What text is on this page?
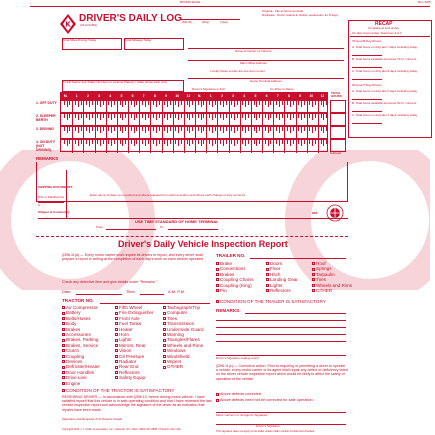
BOUND EDGE	Rev. 8/05
K
DRIVER'S DAILY LOG
(24 HOURS)
(Month)	(Day)	(Year)
Original - File at home terminal.
Duplicate - Driver retains in his/her possession for 8 days.
RECAP
Complete at end of day
On duty hours today. Total lines 3 & 4
70 Hour/8 Day Drivers
A. Total hours on duty last 7 days including today.
B. Total hours available tomorrow 70 hr. minus A.
C. Total hours on duty last 8 days including today.
60 Hour/7 Day Drivers
A. Total hours on duty last 6 days including today.
B. Total hours available tomorrow 60 hr. minus A.
C. Total hours on duty last 7 days including today.
Total Miles Driving Today	Total Mileage Today
Name of Carrier or Carriers
Main Office Address
I certify these entries are true and correct
Truck/Tractor and Trailer Numbers or License Plate(s) / State (show each unit)	Home Terminal Address
Driver's Signature in Full	Co-Driver's Name
M.	1	2	3	4	5	6	7	8	9	10	11	N.	1	2	3	4	5	6	7	8	9	10	11
1. OFF DUTY
2. SLEEPER BERTH
3. DRIVING
4. ON DUTY (NOT DRIVING)
REMARKS
Subtotal
TOTAL HOURS
SHIPPING DOCUMENTS
DVL or Manifest No.
or
Shipper & Commodity
USE TIME STANDARD OF HOME TERMINAL
From:	To:
Enter name of place you reported and where released from work and when and where each change of duty occurred.
8SS
Driver's Daily Vehicle Inspection Report
§396.11(a) — Every motor carrier shall require its drivers to report, and every driver shall prepare a report in writing at the completion of each day's work on each vehicle operated.
Check any defective item and give details under "Remarks."
Date:	Time:	A.M. P.M.
TRACTOR NO.
Air Compressor
Battery
Belts/Hoses
Body
Brakes
Accessories
Brakes, Parking
Brakes, Service
Clutch
Coupling
Devices
Defroster/Heater
Door Handles
Drive Line
Engine
Fifth Wheel
Fire Extinguisher
Front Axle
Fuel Tanks
Heater
Horn
Lights
Mirrors, Rear
Vision
Oil Pressure
Radiator
Rear End
Reflectors
Safety Equip.
Tachograph/Trip
Computer
Tires
Transmission
Undermide Guard
Warning
Triangles/Flares
Wheels and Rims
Windows
Windshield
Wipers
OTHER
TRAILER NO.
Brake
Connections
Brakes
Coupling Chains
Coupling (King)
Pin
Doors
Floor
Hitch
Landing Gear
Lights
Reflectors
Roof
Springs
Tarpaulin
Tires
Wheels and Rims
OTHER
CONDITION OF THE TRAILER IS SATISFACTORY
REMARKS:
Driver's Signature making report
§396.11(c) — Corrective action. Prior to requiring or permitting a driver to operate a vehicle, every motor carrier or its agent shall repair any defect or deficiency listed on the driver vehicle inspection report which would be likely to affect the safety of operation of the vehicle.
Above defects corrected
Above defects need not be corrected for safe operation
CONDITION OF THE TRACTOR IS SATISFACTORY
REVIEWING DRIVER — In accordance with §396.13, before driving motor vehicle, I have satisfied myself that this vehicle is in safe operating condition and that I have reviewed the last vehicle inspection report and acknowledge the signature of the driver as an indication that repairs have been made.
(Signature Not Required if No Defects Noted)
Motor Carrier's or its Agent's Signature
Driver's Signature
This signature does not apply to the trailer unless trailer number is listed and checked.
Copyright 2011 J. J. Keller & Associates, Inc. • Neenah, WI • USA • (800) 327-6868 • Printed in the USA
